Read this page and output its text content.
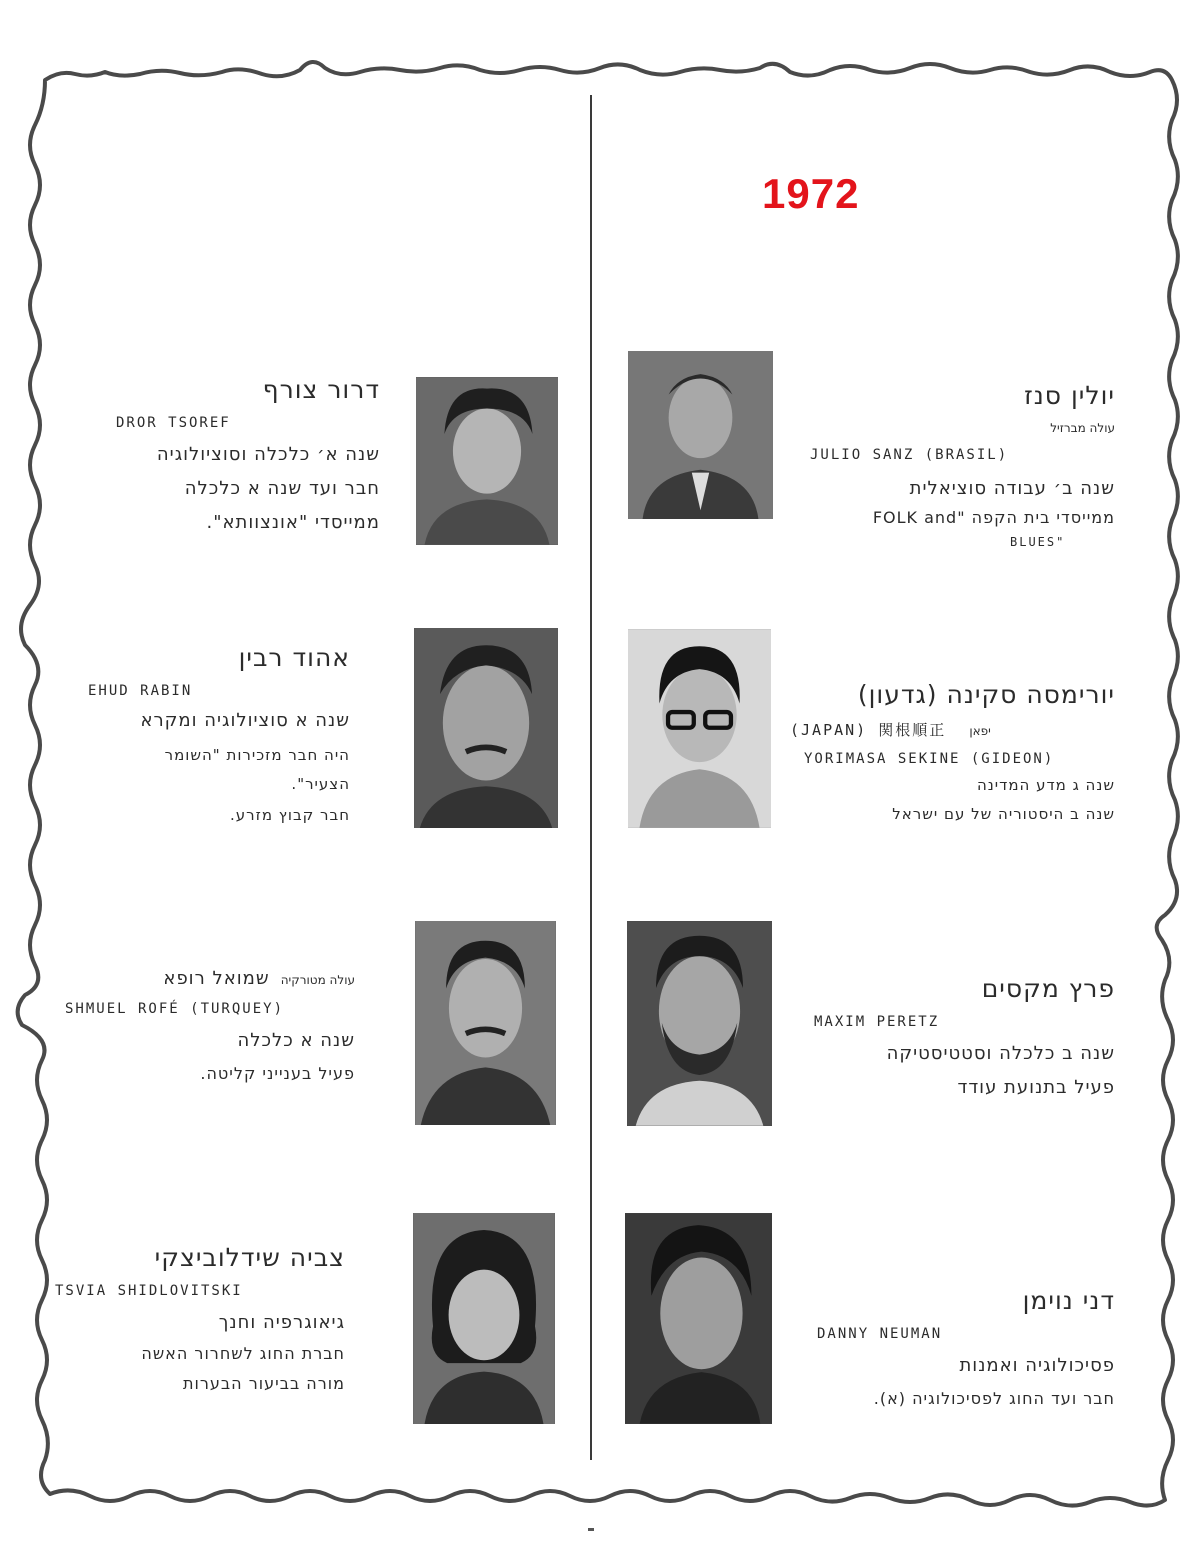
1972
יולין סנז
עולה מברזיל
JULIO SANZ (BRASIL)
שנה ב׳ עבודה סוציאלית
ממייסדי בית הקפה "FOLK and
BLUES"
דרור צורף
DROR TSOREF
שנה א׳ כלכלה וסוציולוגיה
חבר ועד שנה א כלכלה
ממייסדי "אונצוותא".
יורימסה סקינה (גדעון)
(JAPAN) 関根順正 יפאן
YORIMASA SEKINE (GIDEON)
שנה ג מדע המדינה
שנה ב היסטוריה של עם ישראל
אהוד רבין
EHUD RABIN
שנה א סוציולוגיה ומקרא
היה חבר מזכירות "השומר
הצעיר".
חבר קבוץ מזרע.
פרץ מקסים
MAXIM PERETZ
שנה ב כלכלה וסטטיסטיקה
פעיל בתנועת עודד
עולה מטורקיה שמואל רופא
SHMUEL ROFÉ (TURQUEY)
שנה א כלכלה
פעיל בענייני קליטה.
דני נוימן
DANNY NEUMAN
פסיכולוגיה ואמנות
חבר ועד החוג לפסיכולוגיה (א).
צביה שידלוביצקי
TSVIA SHIDLOVITSKI
גיאוגרפיה וחנך
חברת החוג לשחרור האשה
מורה בביעור הבערות
